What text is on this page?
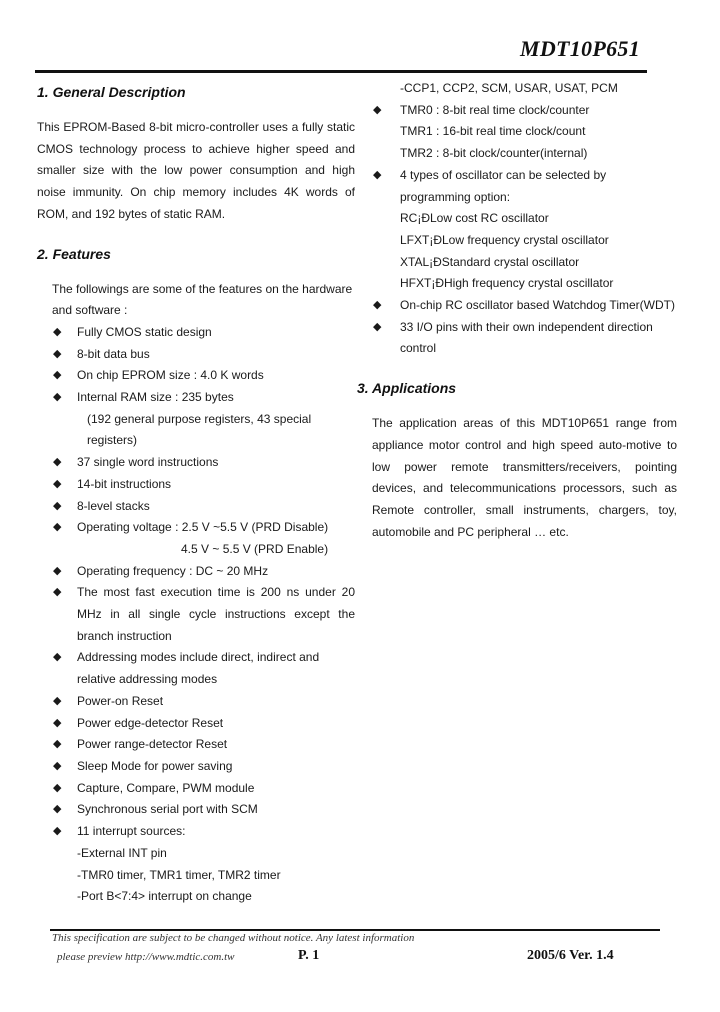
MDT10P651
1. General Description

This EPROM-Based 8-bit micro-controller uses a fully static CMOS technology process to achieve higher speed and smaller size with the low power consumption and high noise immunity. On chip memory includes 4K words of ROM, and 192 bytes of static RAM.

2. Features

The followings are some of the features on the hardware and software :

◆ Fully CMOS static design
◆ 8-bit data bus
◆ On chip EPROM size : 4.0 K words
◆ Internal RAM size : 235 bytes
(192 general purpose registers, 43 special registers)
◆ 37 single word instructions
◆ 14-bit instructions
◆ 8-level stacks
◆ Operating voltage : 2.5 V ~5.5 V (PRD Disable)
4.5 V ~ 5.5 V (PRD Enable)
◆ Operating frequency : DC ~ 20 MHz
◆ The most fast execution time is 200 ns under 20 MHz in all single cycle instructions except the branch instruction
◆ Addressing modes include direct, indirect and relative addressing modes
◆ Power-on Reset
◆ Power edge-detector Reset
◆ Power range-detector Reset
◆ Sleep Mode for power saving
◆ Capture, Compare, PWM module
◆ Synchronous serial port with SCM
◆ 11 interrupt sources:
-External INT pin
-TMR0 timer, TMR1 timer, TMR2 timer
-Port B<7:4> interrupt on change

-CCP1, CCP2, SCM, USAR, USAT, PCM

◆ TMR0 : 8-bit real time clock/counter
TMR1 : 16-bit real time clock/count
TMR2 : 8-bit clock/counter(internal)
◆ 4 types of oscillator can be selected by programming option:
RC¡ÐLow cost RC oscillator
LFXT¡ÐLow frequency crystal oscillator
XTAL¡ÐStandard crystal oscillator
HFXT¡ÐHigh frequency crystal oscillator
◆ On-chip RC oscillator based Watchdog Timer(WDT)
◆ 33 I/O pins with their own independent direction control
3. Applications

The application areas of this MDT10P651 range from appliance motor control and high speed auto-motive to low power remote transmitters/receivers, pointing devices, and telecommunications processors, such as Remote controller, small instruments, chargers, toy, automobile and PC peripheral … etc.

This specification are subject to be changed without notice. Any latest information
please preview http://www.mdtic.com.tw	P. 1	2005/6 Ver. 1.4
